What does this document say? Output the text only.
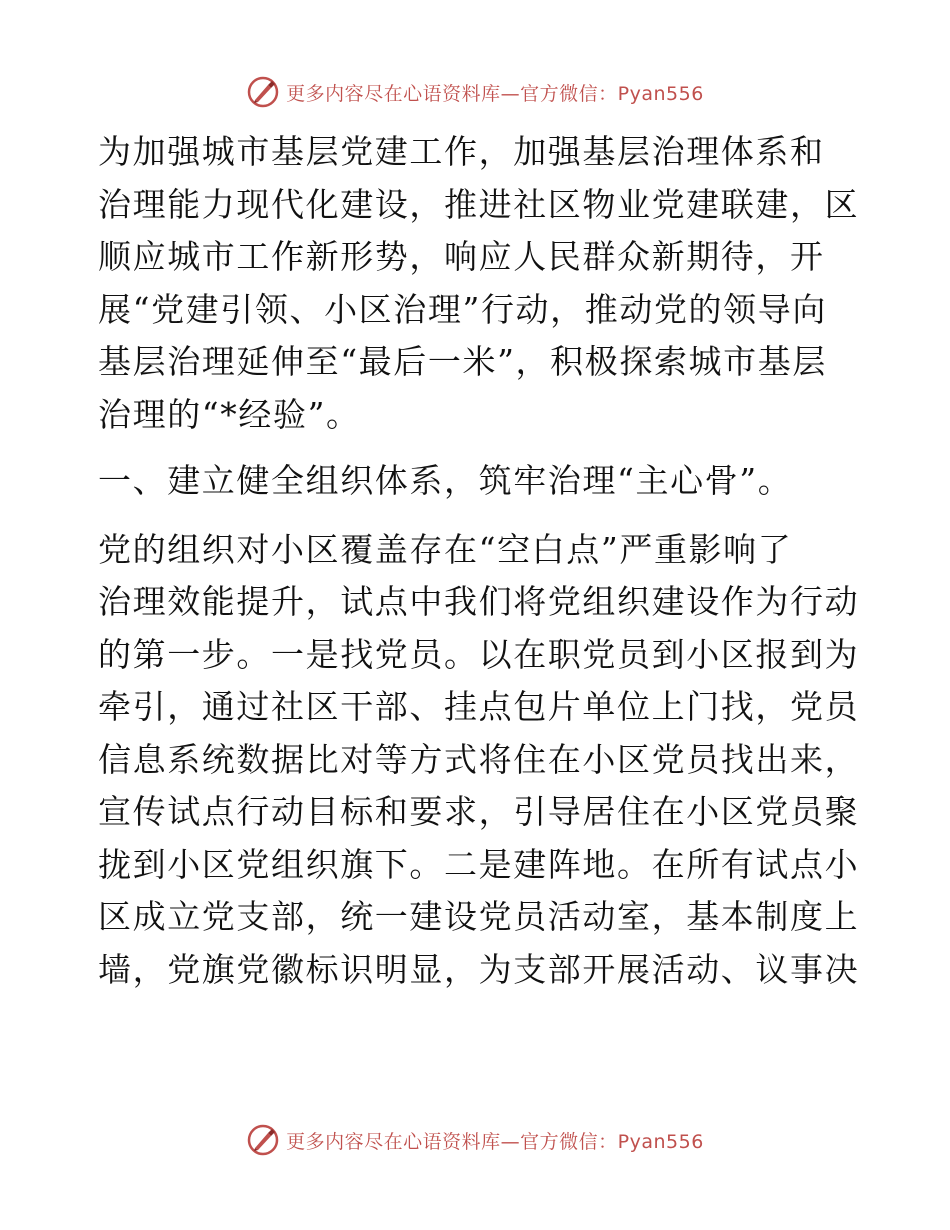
更多内容尽在心语资料库—官方微信：Pyan556
为加强城市基层党建工作，加强基层治理体系和
治理能力现代化建设，推进社区物业党建联建，区
顺应城市工作新形势，响应人民群众新期待，开
展“党建引领、小区治理”行动，推动党的领导向
基层治理延伸至“最后一米”，积极探索城市基层
治理的“*经验”。
一、建立健全组织体系，筑牢治理“主心骨”。
党的组织对小区覆盖存在“空白点”严重影响了
治理效能提升，试点中我们将党组织建设作为行动
的第一步。一是找党员。以在职党员到小区报到为
牵引，通过社区干部、挂点包片单位上门找，党员
信息系统数据比对等方式将住在小区党员找出来，
宣传试点行动目标和要求，引导居住在小区党员聚
拢到小区党组织旗下。二是建阵地。在所有试点小
区成立党支部，统一建设党员活动室，基本制度上
墙，党旗党徽标识明显，为支部开展活动、议事决
更多内容尽在心语资料库—官方微信：Pyan556
